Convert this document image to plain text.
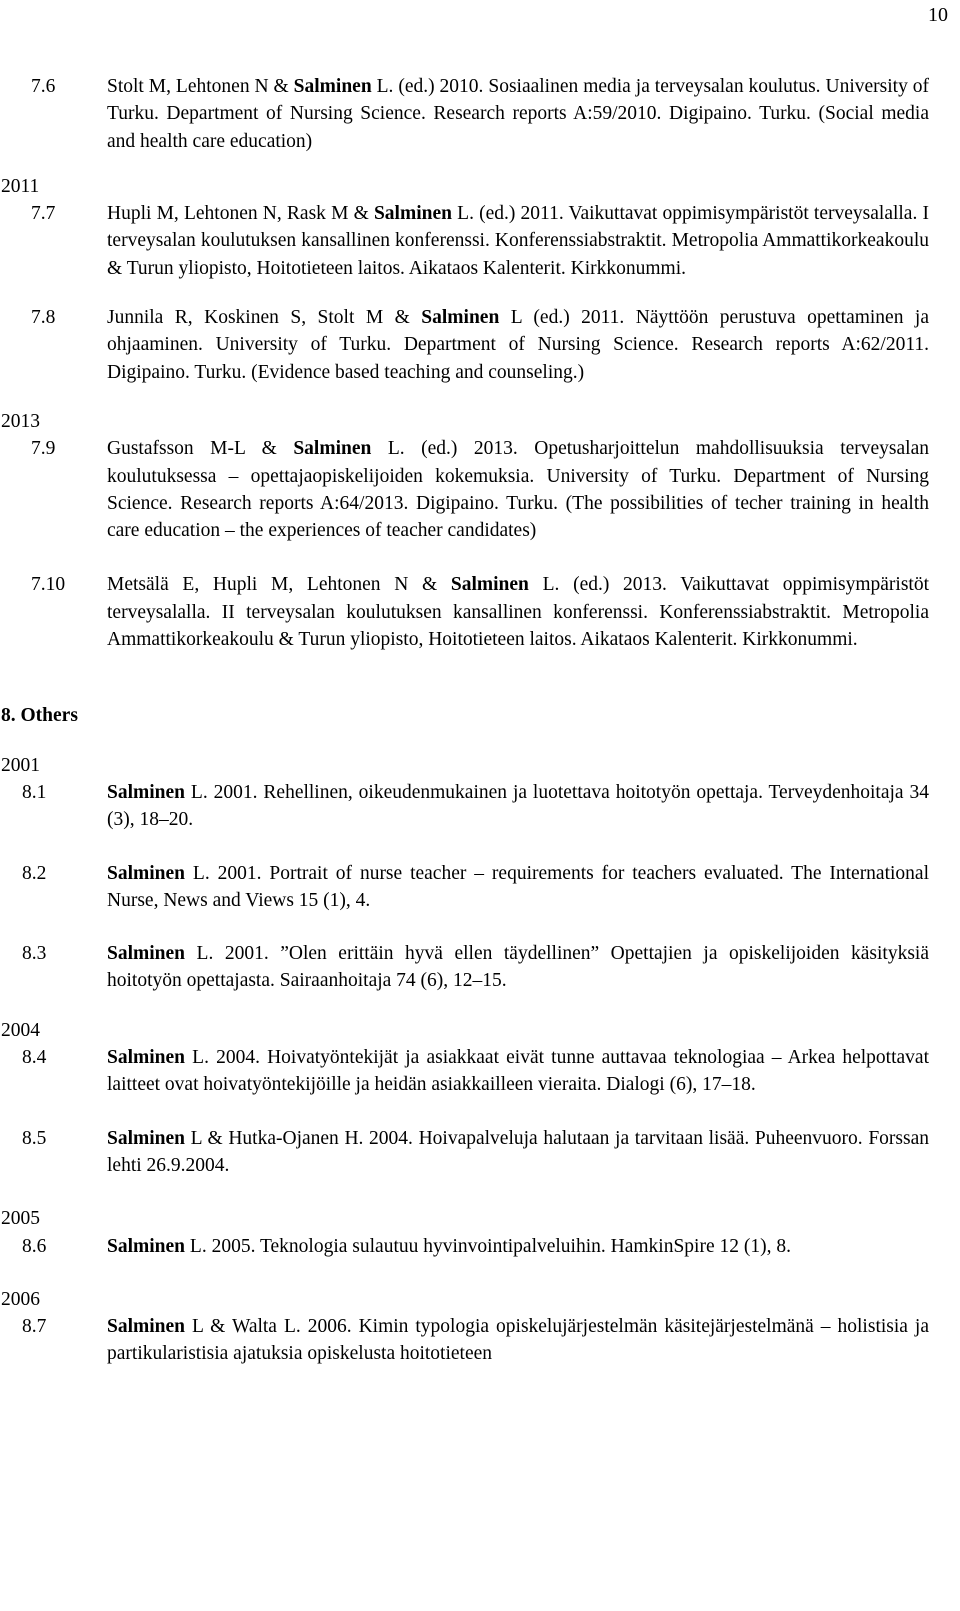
10
7.6	Stolt M, Lehtonen N & Salminen L. (ed.) 2010. Sosiaalinen media ja terveysalan koulutus. University of Turku. Department of Nursing Science. Research reports A:59/2010. Digipaino. Turku. (Social media and health care education)
2011
7.7	Hupli M, Lehtonen N, Rask M & Salminen L. (ed.) 2011. Vaikuttavat oppimisympäristöt terveysalalla. I terveysalan koulutuksen kansallinen konferenssi. Konferenssiabstraktit. Metropolia Ammattikorkeakoulu & Turun yliopisto, Hoitotieteen laitos. Aikataos Kalenterit. Kirkkonummi.
7.8	Junnila R, Koskinen S, Stolt M & Salminen L (ed.) 2011. Näyttöön perustuva opettaminen ja ohjaaminen. University of Turku. Department of Nursing Science. Research reports A:62/2011. Digipaino. Turku. (Evidence based teaching and counseling.)
2013
7.9	Gustafsson M-L & Salminen L. (ed.) 2013. Opetusharjoittelun mahdollisuuksia terveysalan koulutuksessa – opettajaopiskelijoiden kokemuksia. University of Turku. Department of Nursing Science. Research reports A:64/2013. Digipaino. Turku. (The possibilities of techer training in health care education – the experiences of teacher candidates)
7.10 Metsälä E, Hupli M, Lehtonen N & Salminen L. (ed.) 2013. Vaikuttavat oppimisympäristöt terveysalalla. II terveysalan koulutuksen kansallinen konferenssi. Konferenssiabstraktit. Metropolia Ammattikorkeakoulu & Turun yliopisto, Hoitotieteen laitos. Aikataos Kalenterit. Kirkkonummi.
8. Others
2001
8.1	Salminen L. 2001. Rehellinen, oikeudenmukainen ja luotettava hoitotyön opettaja. Terveydenhoitaja 34 (3), 18–20.
8.2	Salminen L. 2001. Portrait of nurse teacher – requirements for teachers evaluated. The International Nurse, News and Views 15 (1), 4.
8.3	Salminen L. 2001. ”Olen erittäin hyvä ellen täydellinen” Opettajien ja opiskelijoiden käsityksiä hoitotyön opettajasta. Sairaanhoitaja 74 (6), 12–15.
2004
8.4	Salminen L. 2004. Hoivatyöntekijät ja asiakkaat eivät tunne auttavaa teknologiaa – Arkea helpottavat laitteet ovat hoivatyöntekijöille ja heidän asiakkailleen vieraita. Dialogi (6), 17–18.
8.5	Salminen L & Hutka-Ojanen H. 2004. Hoivapalveluja halutaan ja tarvitaan lisää. Puheenvuoro. Forssan lehti 26.9.2004.
2005
8.6	Salminen L. 2005. Teknologia sulautuu hyvinvointipalveluihin. HamkinSpire 12 (1), 8.
2006
8.7	Salminen L & Walta L. 2006. Kimin typologia opiskelujärjestelmän käsitejärjestelmänä – holistisia ja partikularistisia ajatuksia opiskelusta hoitotieteen
